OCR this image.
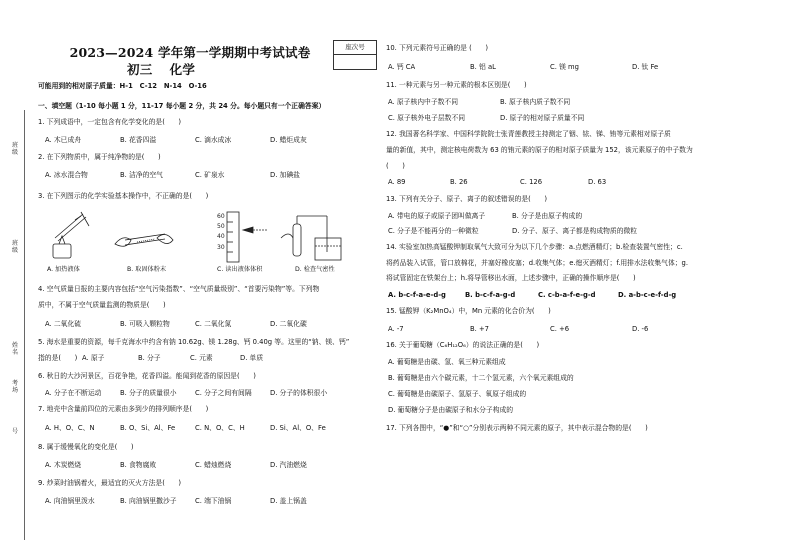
班级
班级
姓名
考场
号
2023—2024 学年第一学期期中考试试卷
初三　 化学
座次号
可能用到的相对原子质量：H-1　C-12　N-14　O-16
一、填空题（1-10 每小题 1 分，11-17 每小题 2 分，共 24 分。每小题只有一个正确答案）
1. 下列成语中，一定包含有化学变化的是(　　)
A. 木已成舟	B. 花香四溢	C. 滴水成冰	D. 蜡炬成灰
2. 在下列物质中，属于纯净物的是(　　)
A. 冰水混合物	B. 洁净的空气	C. 矿泉水	D. 加碘盐
3. 在下列图示的化学实验基本操作中，不正确的是(　　)
60
50
40
30
A. 加热液体	B. 取固体粉末	C. 读出液体体积	D. 检查气密性
4. 空气质量日报的主要内容包括“空气污染指数”、“空气质量级别”、“首要污染物”等。下列物
质中，不属于空气质量监测的物质是(　　)
A. 二氧化硫	B. 可吸入颗粒物	C. 二氧化氮	D. 二氧化碳
5. 海水是重要的资源，每千克海水中约含有钠 10.62g、镁 1.28g、钙 0.40g 等。这里的“钠、镁、钙”
指的是(　　) A. 原子	B. 分子	C. 元素	D. 单质
6. 秋日的大沙河景区，百花争艳，花香四溢。能闻到花香的原因是(　　)
A. 分子在不断运动	B. 分子的质量很小	C. 分子之间有间隔	D. 分子的体积很小
7. 地壳中含量前四位的元素由多到少的排列顺序是(　　)
A. H、O、C、N	B. O、Si、Al、Fe	C. N、O、C、H	D. Si、Al、O、Fe
8. 属于缓慢氧化的变化是(　　)
A. 木炭燃烧	B. 食物腐败	C. 蜡烛燃烧	D. 汽油燃烧
9. 炒菜时油锅着火，最适宜的灭火方法是(　　)
A. 向油锅里泼水	B. 向油锅里撒沙子	C. 端下油锅	D. 盖上锅盖
10. 下列元素符号正确的是 (　　)
A. 钙 CA	B. 铝 aL	C. 镁 mg	D. 钛 Fe
11. 一种元素与另一种元素的根本区别是(　　)
A. 原子核内中子数不同	B. 原子核内质子数不同
C. 原子核外电子层数不同	D. 原子的相对原子质量不同
12. 我国著名科学家、中国科学院院士张青莲教授主持测定了铟、铱、锑、铕等元素相对原子质
量的新值，其中，测定核电荷数为 63 的铕元素的原子的相对原子质量为 152，该元素原子的中子数为
(　　)
A. 89	B. 26	C. 126	D. 63
13. 下列有关分子、原子、离子的叙述错误的是(　　)
A. 带电的原子或原子团叫做离子	B. 分子是由原子构成的
C. 分子是不能再分的一种微粒	D. 分子、原子、离子都是构成物质的微粒
14. 实验室加热高锰酸钾制取氧气大致可分为以下几个步骤：a.点燃酒精灯；b.检查装置气密性；c.
将药品装入试管，管口放棉花，并塞好橡皮塞；d.收集气体；e.熄灭酒精灯；f.用排水法收集气体；g.
将试管固定在铁架台上；h.将导管移出水面，上述步骤中，正确的操作顺序是(　　)
A. b-c-f-a-e-d-g	B. b-c-f-a-g-d	C. c-b-a-f-e-g-d	D. a-b-c-e-f-d-g
15. 锰酸钾（K₂MnO₄）中，Mn 元素的化合价为(　　)
A. -7	B. +7	C. +6	D. -6
16. 关于葡萄糖（C₆H₁₂O₆）的说法正确的是(　　)
A. 葡萄糖是由碳、氢、氧三种元素组成
B. 葡萄糖是由六个碳元素，十二个氢元素，六个氧元素组成的
C. 葡萄糖是由碳原子、氢原子、氧原子组成的
D. 葡萄糖分子是由碳原子和水分子构成的
17. 下列各图中，“●”和“○”分别表示两种不同元素的原子，其中表示混合物的是(　　)
